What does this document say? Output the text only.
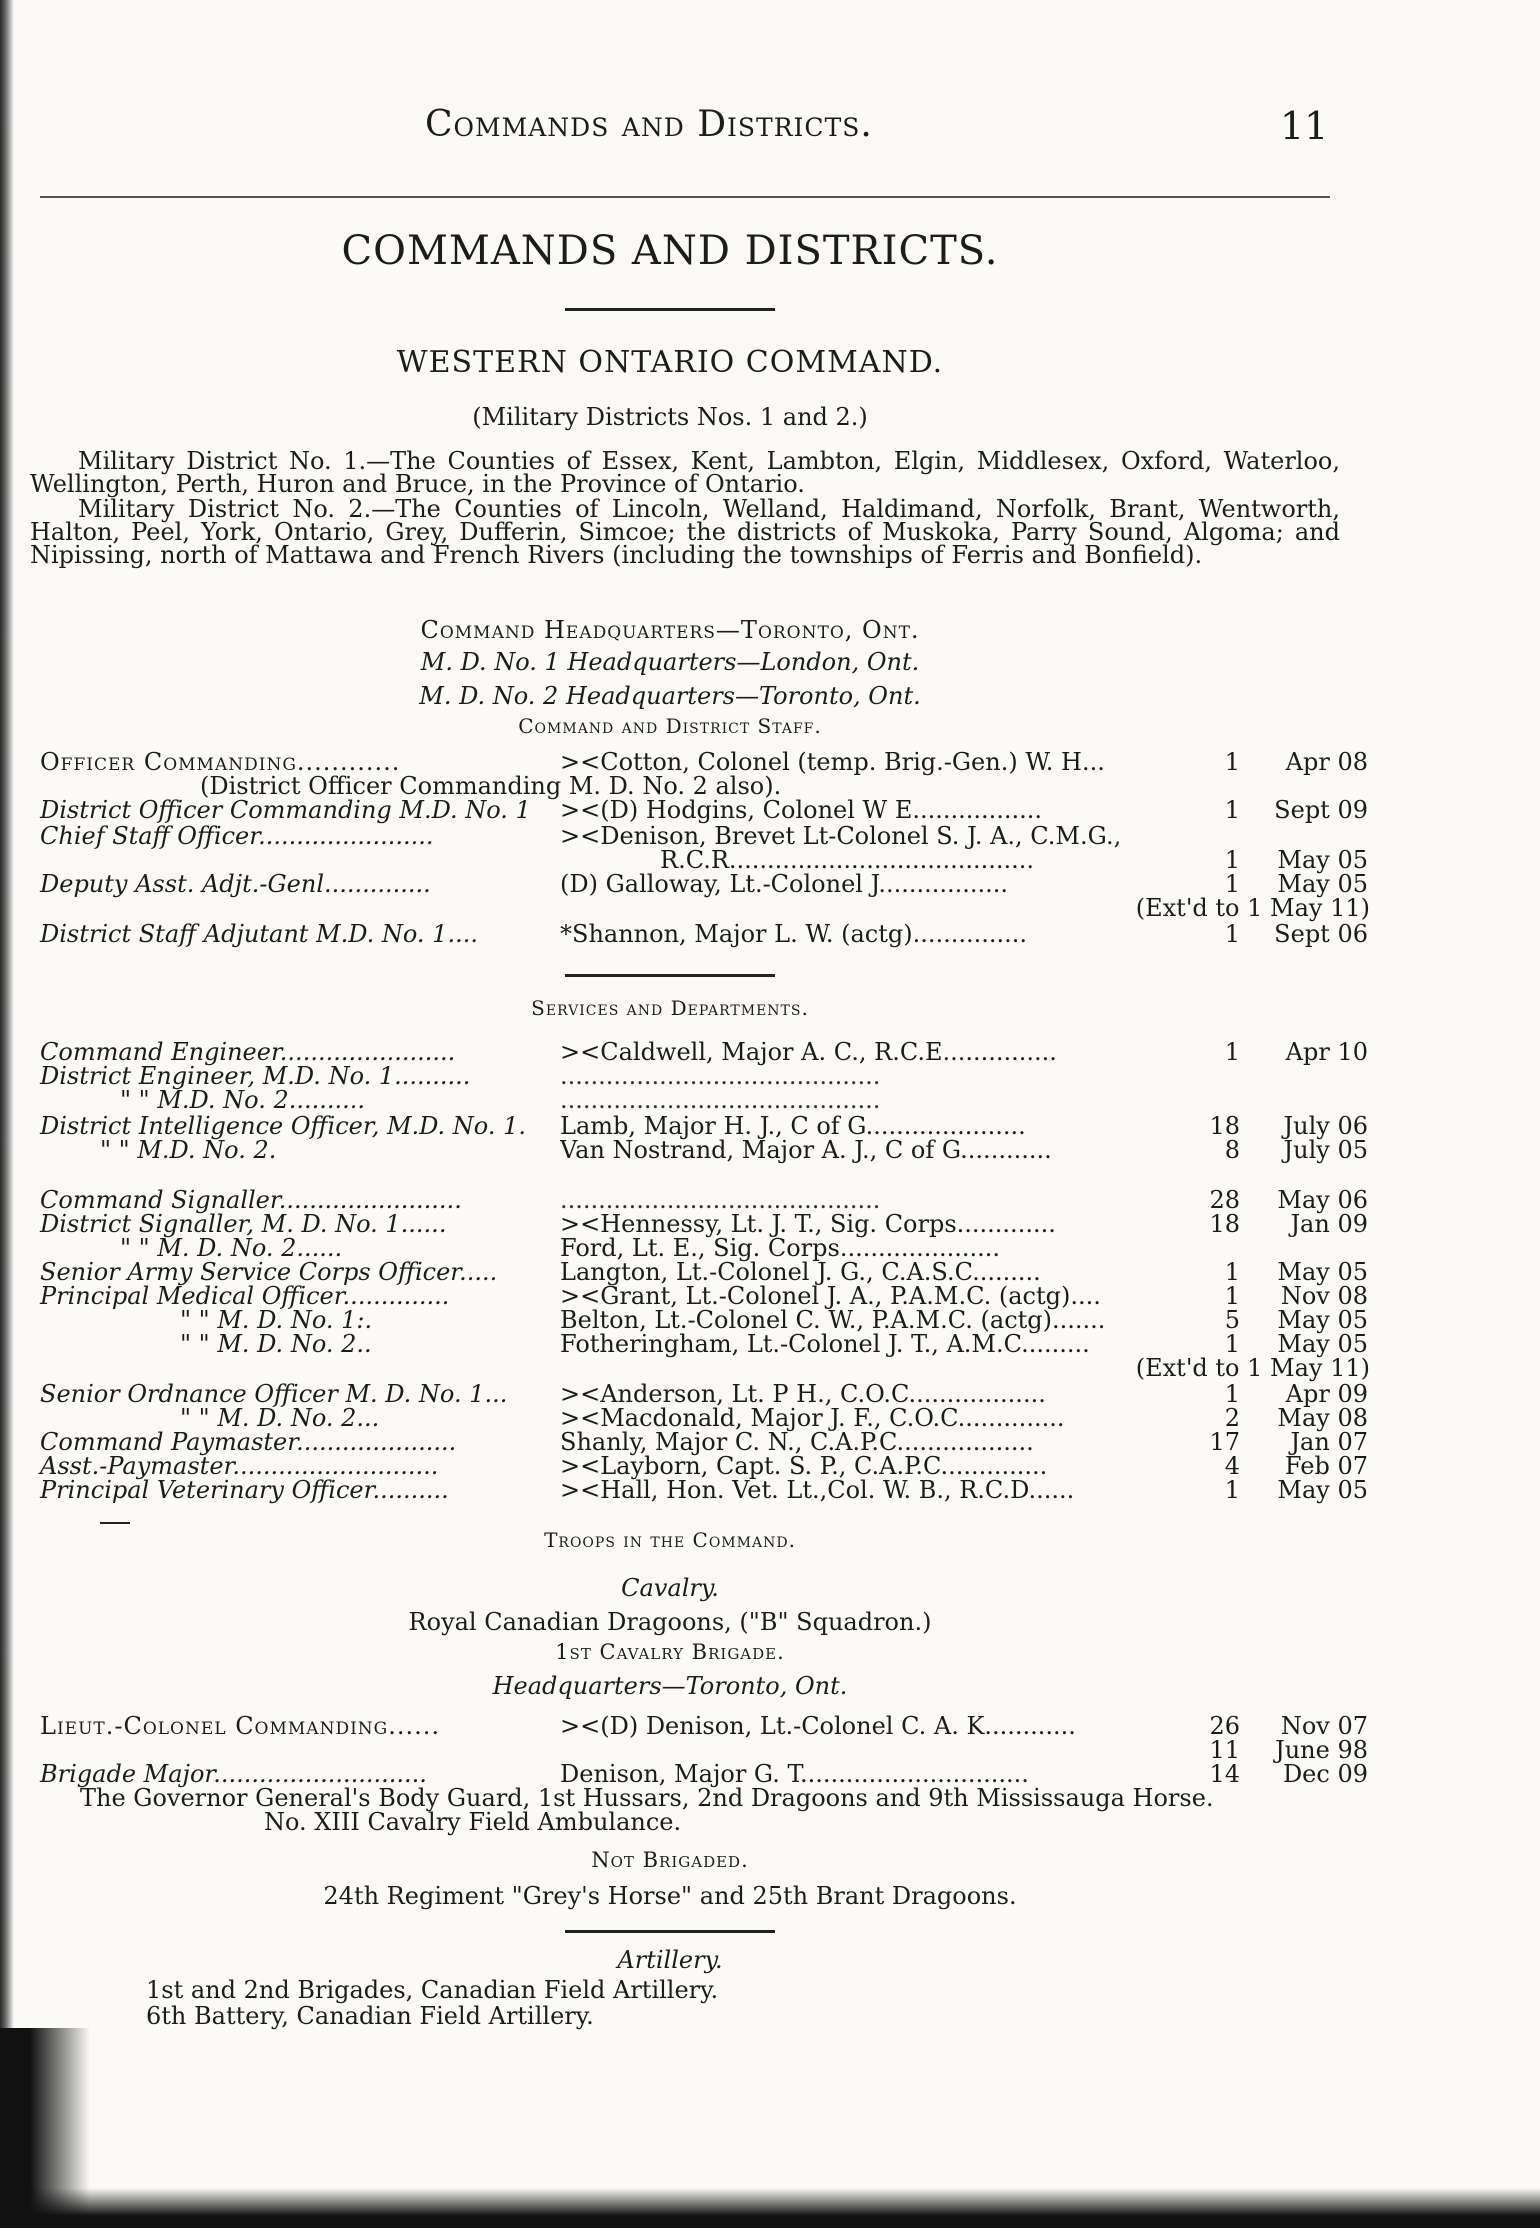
Commands and Districts.	11
COMMANDS AND DISTRICTS.
WESTERN ONTARIO COMMAND.
(Military Districts Nos. 1 and 2.)

Military District No. 1.—The Counties of Essex, Kent, Lambton, Elgin, Middlesex, Oxford, Waterloo, Wellington, Perth, Huron and Bruce, in the Province of Ontario.

Military District No. 2.—The Counties of Lincoln, Welland, Haldimand, Norfolk, Brant, Wentworth, Halton, Peel, York, Ontario, Grey, Dufferin, Simcoe; the districts of Muskoka, Parry Sound, Algoma; and Nipissing, north of Mattawa and French Rivers (including the townships of Ferris and Bonfield).

Command Headquarters—Toronto, Ont.
M. D. No. 1 Headquarters—London, Ont.
M. D. No. 2 Headquarters—Toronto, Ont.
Command and District Staff.
Officer Commanding............	><Cotton, Colonel (temp. Brig.-Gen.) W. H...	1	Apr 08
(District Officer Commanding M. D. No. 2 also).
District Officer Commanding M.D. No. 1 ><(D) Hodgins, Colonel W E.................	1	Sept 09
Chief Staff Officer.......................	><Denison, Brevet Lt-Colonel S. J. A., C.M.G.,
R.C.R........................................	1	May 05
Deputy Asst. Adjt.-Genl..............	(D) Galloway, Lt.-Colonel J.................	1	May 05
(Ext'd to 1 May 11)
District Staff Adjutant M.D. No. 1....	*Shannon, Major L. W. (actg)...............	1	Sept 06
Services and Departments.
Command Engineer.......................	><Caldwell, Major A. C., R.C.E...............	1	Apr 10
District Engineer, M.D. No. 1..........	..........................................
" " M.D. No. 2..........	..........................................
District Intelligence Officer, M.D. No. 1. Lamb, Major H. J., C of G.....................	18	July 06
" " M.D. No. 2.	Van Nostrand, Major A. J., C of G............	8	July 05
Command Signaller........................	..........................................	28	May 06
District Signaller, M. D. No. 1......	><Hennessy, Lt. J. T., Sig. Corps.............	18	Jan 09
" " M. D. No. 2......	Ford, Lt. E., Sig. Corps.....................
Senior Army Service Corps Officer.....	Langton, Lt.-Colonel J. G., C.A.S.C.........	1	May 05
Principal Medical Officer..............	><Grant, Lt.-Colonel J. A., P.A.M.C. (actg)....	1	Nov 08
" " M. D. No. 1:.	Belton, Lt.-Colonel C. W., P.A.M.C. (actg).......	5	May 05
" " M. D. No. 2..	Fotheringham, Lt.-Colonel J. T., A.M.C.........	1	May 05
(Ext'd to 1 May 11)
Senior Ordnance Officer M. D. No. 1... ><Anderson, Lt. P H., C.O.C..................	1	Apr 09
" " M. D. No. 2...	><Macdonald, Major J. F., C.O.C..............	2	May 08
Command Paymaster.....................	Shanly, Major C. N., C.A.P.C..................	17	Jan 07
Asst.-Paymaster...........................	><Layborn, Capt. S. P., C.A.P.C..............	4	Feb 07
Principal Veterinary Officer..........	><Hall, Hon. Vet. Lt.,Col. W. B., R.C.D......	1	May 05
Troops in the Command.
Cavalry.
Royal Canadian Dragoons, ("B" Squadron.)
1st Cavalry Brigade.
Headquarters—Toronto, Ont.
Lieut.-Colonel Commanding......	><(D) Denison, Lt.-Colonel C. A. K............	26	Nov 07
11	June 98
Brigade Major............................	Denison, Major G. T..............................	14	Dec 09
The Governor General's Body Guard, 1st Hussars, 2nd Dragoons and 9th Mississauga Horse.
No. XIII Cavalry Field Ambulance.
Not Brigaded.
24th Regiment "Grey's Horse" and 25th Brant Dragoons.
Artillery.
1st and 2nd Brigades, Canadian Field Artillery.
6th Battery, Canadian Field Artillery.
